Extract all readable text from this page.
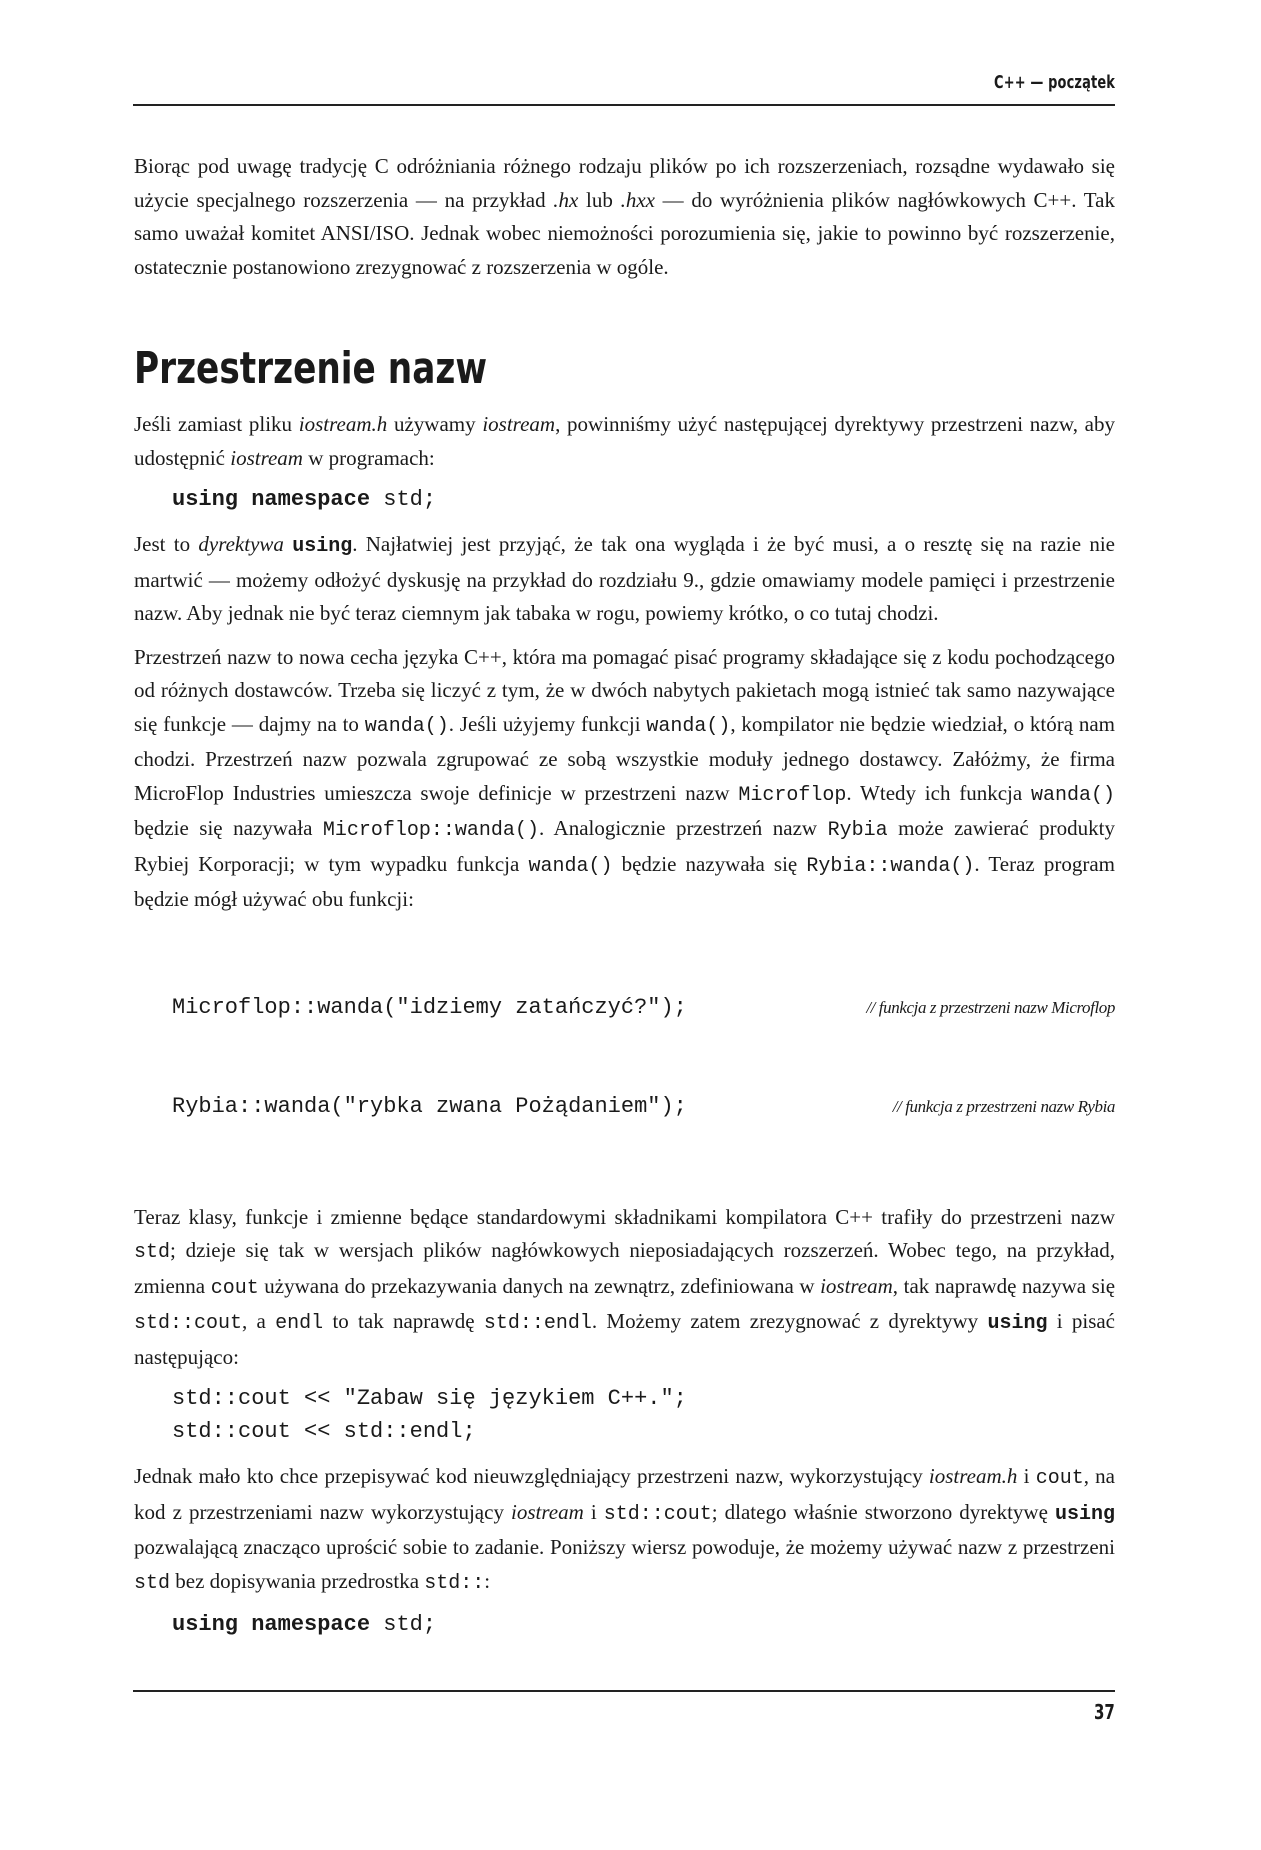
C++ — początek

Biorąc pod uwagę tradycję C odróżniania różnego rodzaju plików po ich rozszerzeniach, rozsądne wydawało się użycie specjalnego rozszerzenia — na przykład .hx lub .hxx — do wyróżnienia plików nagłówkowych C++. Tak samo uważał komitet ANSI/ISO. Jednak wobec niemożności porozumienia się, jakie to powinno być rozszerzenie, ostatecznie postanowiono zrezygnować z rozszerzenia w ogóle.

Przestrzenie nazw

Jeśli zamiast pliku iostream.h używamy iostream, powinniśmy użyć następującej dyrektywy przestrzeni nazw, aby udostępnić iostream w programach:

using namespace std;

Jest to dyrektywa using. Najłatwiej jest przyjąć, że tak ona wygląda i że być musi, a o resztę się na razie nie martwić — możemy odłożyć dyskusję na przykład do rozdziału 9., gdzie omawiamy modele pamięci i przestrzenie nazw. Aby jednak nie być teraz ciemnym jak tabaka w rogu, powiemy krótko, o co tutaj chodzi.

Przestrzeń nazw to nowa cecha języka C++, która ma pomagać pisać programy składające się z kodu pochodzącego od różnych dostawców. Trzeba się liczyć z tym, że w dwóch nabytych pakietach mogą istnieć tak samo nazywające się funkcje — dajmy na to wanda(). Jeśli użyjemy funkcji wanda(), kompilator nie będzie wiedział, o którą nam chodzi. Przestrzeń nazw pozwala zgrupować ze sobą wszystkie moduły jednego dostawcy. Załóżmy, że firma MicroFlop Industries umieszcza swoje definicje w przestrzeni nazw Microflop. Wtedy ich funkcja wanda() będzie się nazywała Microflop::wanda(). Analogicznie przestrzeń nazw Rybia może zawierać produkty Rybiej Korporacji; w tym wypadku funkcja wanda() będzie nazywała się Rybia::wanda(). Teraz program będzie mógł używać obu funkcji:

Microflop::wanda("idziemy zatańczyć?");	// funkcja z przestrzeni nazw Microflop

Rybia::wanda("rybka zwana Pożądaniem");	// funkcja z przestrzeni nazw Rybia

Teraz klasy, funkcje i zmienne będące standardowymi składnikami kompilatora C++ trafiły do przestrzeni nazw std; dzieje się tak w wersjach plików nagłówkowych nieposiadających rozszerzeń. Wobec tego, na przykład, zmienna cout używana do przekazywania danych na zewnątrz, zdefiniowana w iostream, tak naprawdę nazywa się std::cout, a endl to tak naprawdę std::endl. Możemy zatem zrezygnować z dyrektywy using i pisać następująco:

std::cout << "Zabaw się językiem C++.";
std::cout << std::endl;

Jednak mało kto chce przepisywać kod nieuwzględniający przestrzeni nazw, wykorzystujący iostream.h i cout, na kod z przestrzeniami nazw wykorzystujący iostream i std::cout; dlatego właśnie stworzono dyrektywę using pozwalającą znacząco uprościć sobie to zadanie. Poniższy wiersz powoduje, że możemy używać nazw z przestrzeni std bez dopisywania przedrostka std:::

using namespace std;
37
